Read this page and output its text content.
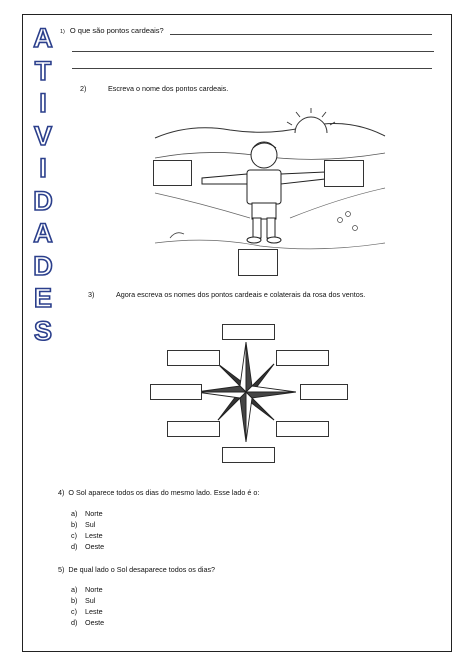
A
T
I
V
I
D
A
D
E
S
1) O que são pontos cardeais?
2)	Escreva o nome dos pontos cardeais.
3)	Agora escreva os nomes dos pontos cardeais e colaterais da rosa dos ventos.
4) O Sol aparece todos os dias do mesmo lado. Esse lado é o:
a) Norte
b) Sul
c) Leste
d) Oeste
5) De qual lado o Sol desaparece todos os dias?
a) Norte
b) Sul
c) Leste
d) Oeste
